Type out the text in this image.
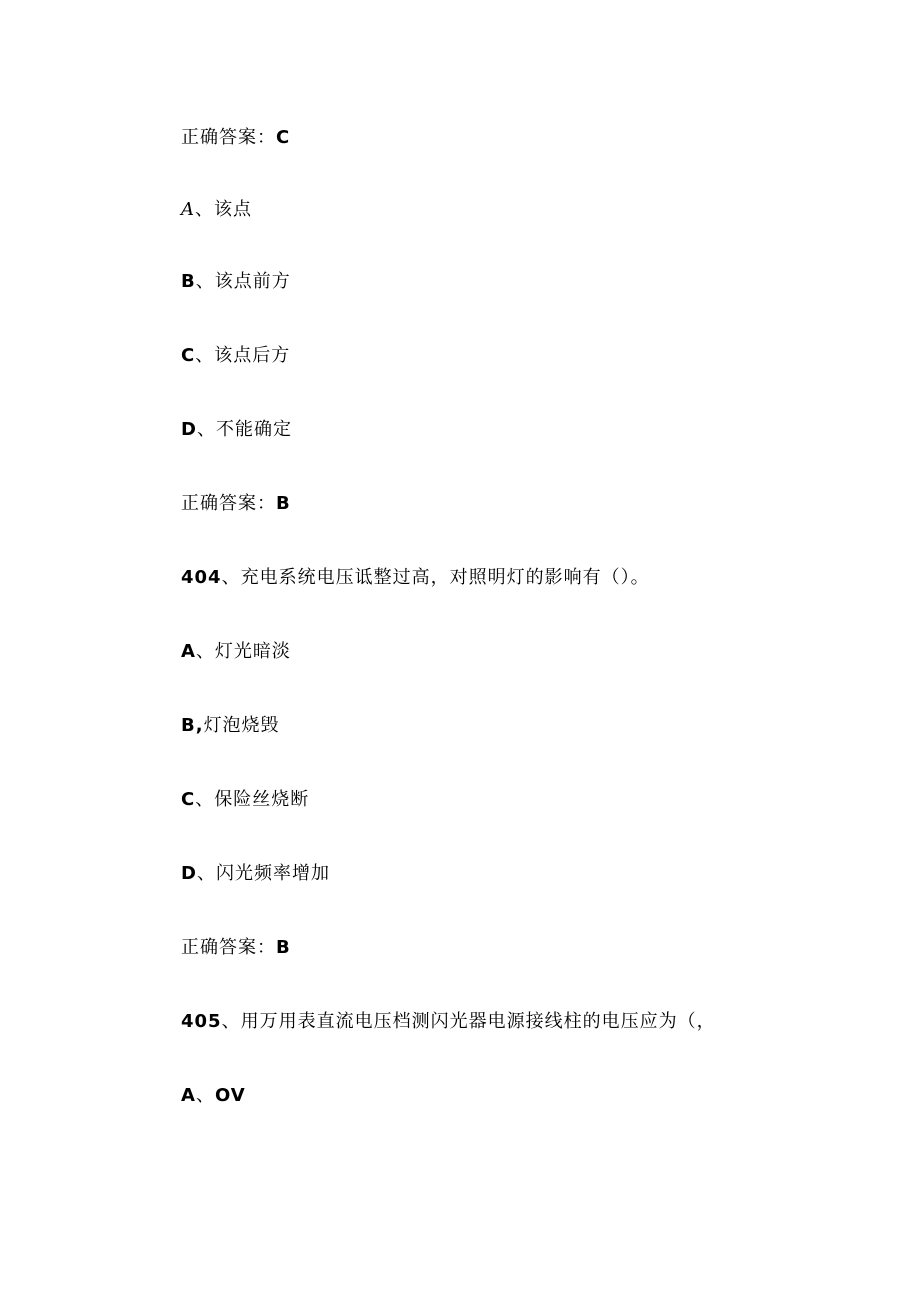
正确答案：C
A、该点
B、该点前方
C、该点后方
D、不能确定
正确答案：B
404、充电系统电压诋整过高，对照明灯的影响有（）。
A、灯光暗淡
B,灯泡烧毁
C、保险丝烧断
D、闪光频率增加
正确答案：B
405、用万用表直流电压档测闪光器电源接线柱的电压应为（，
A、OV
